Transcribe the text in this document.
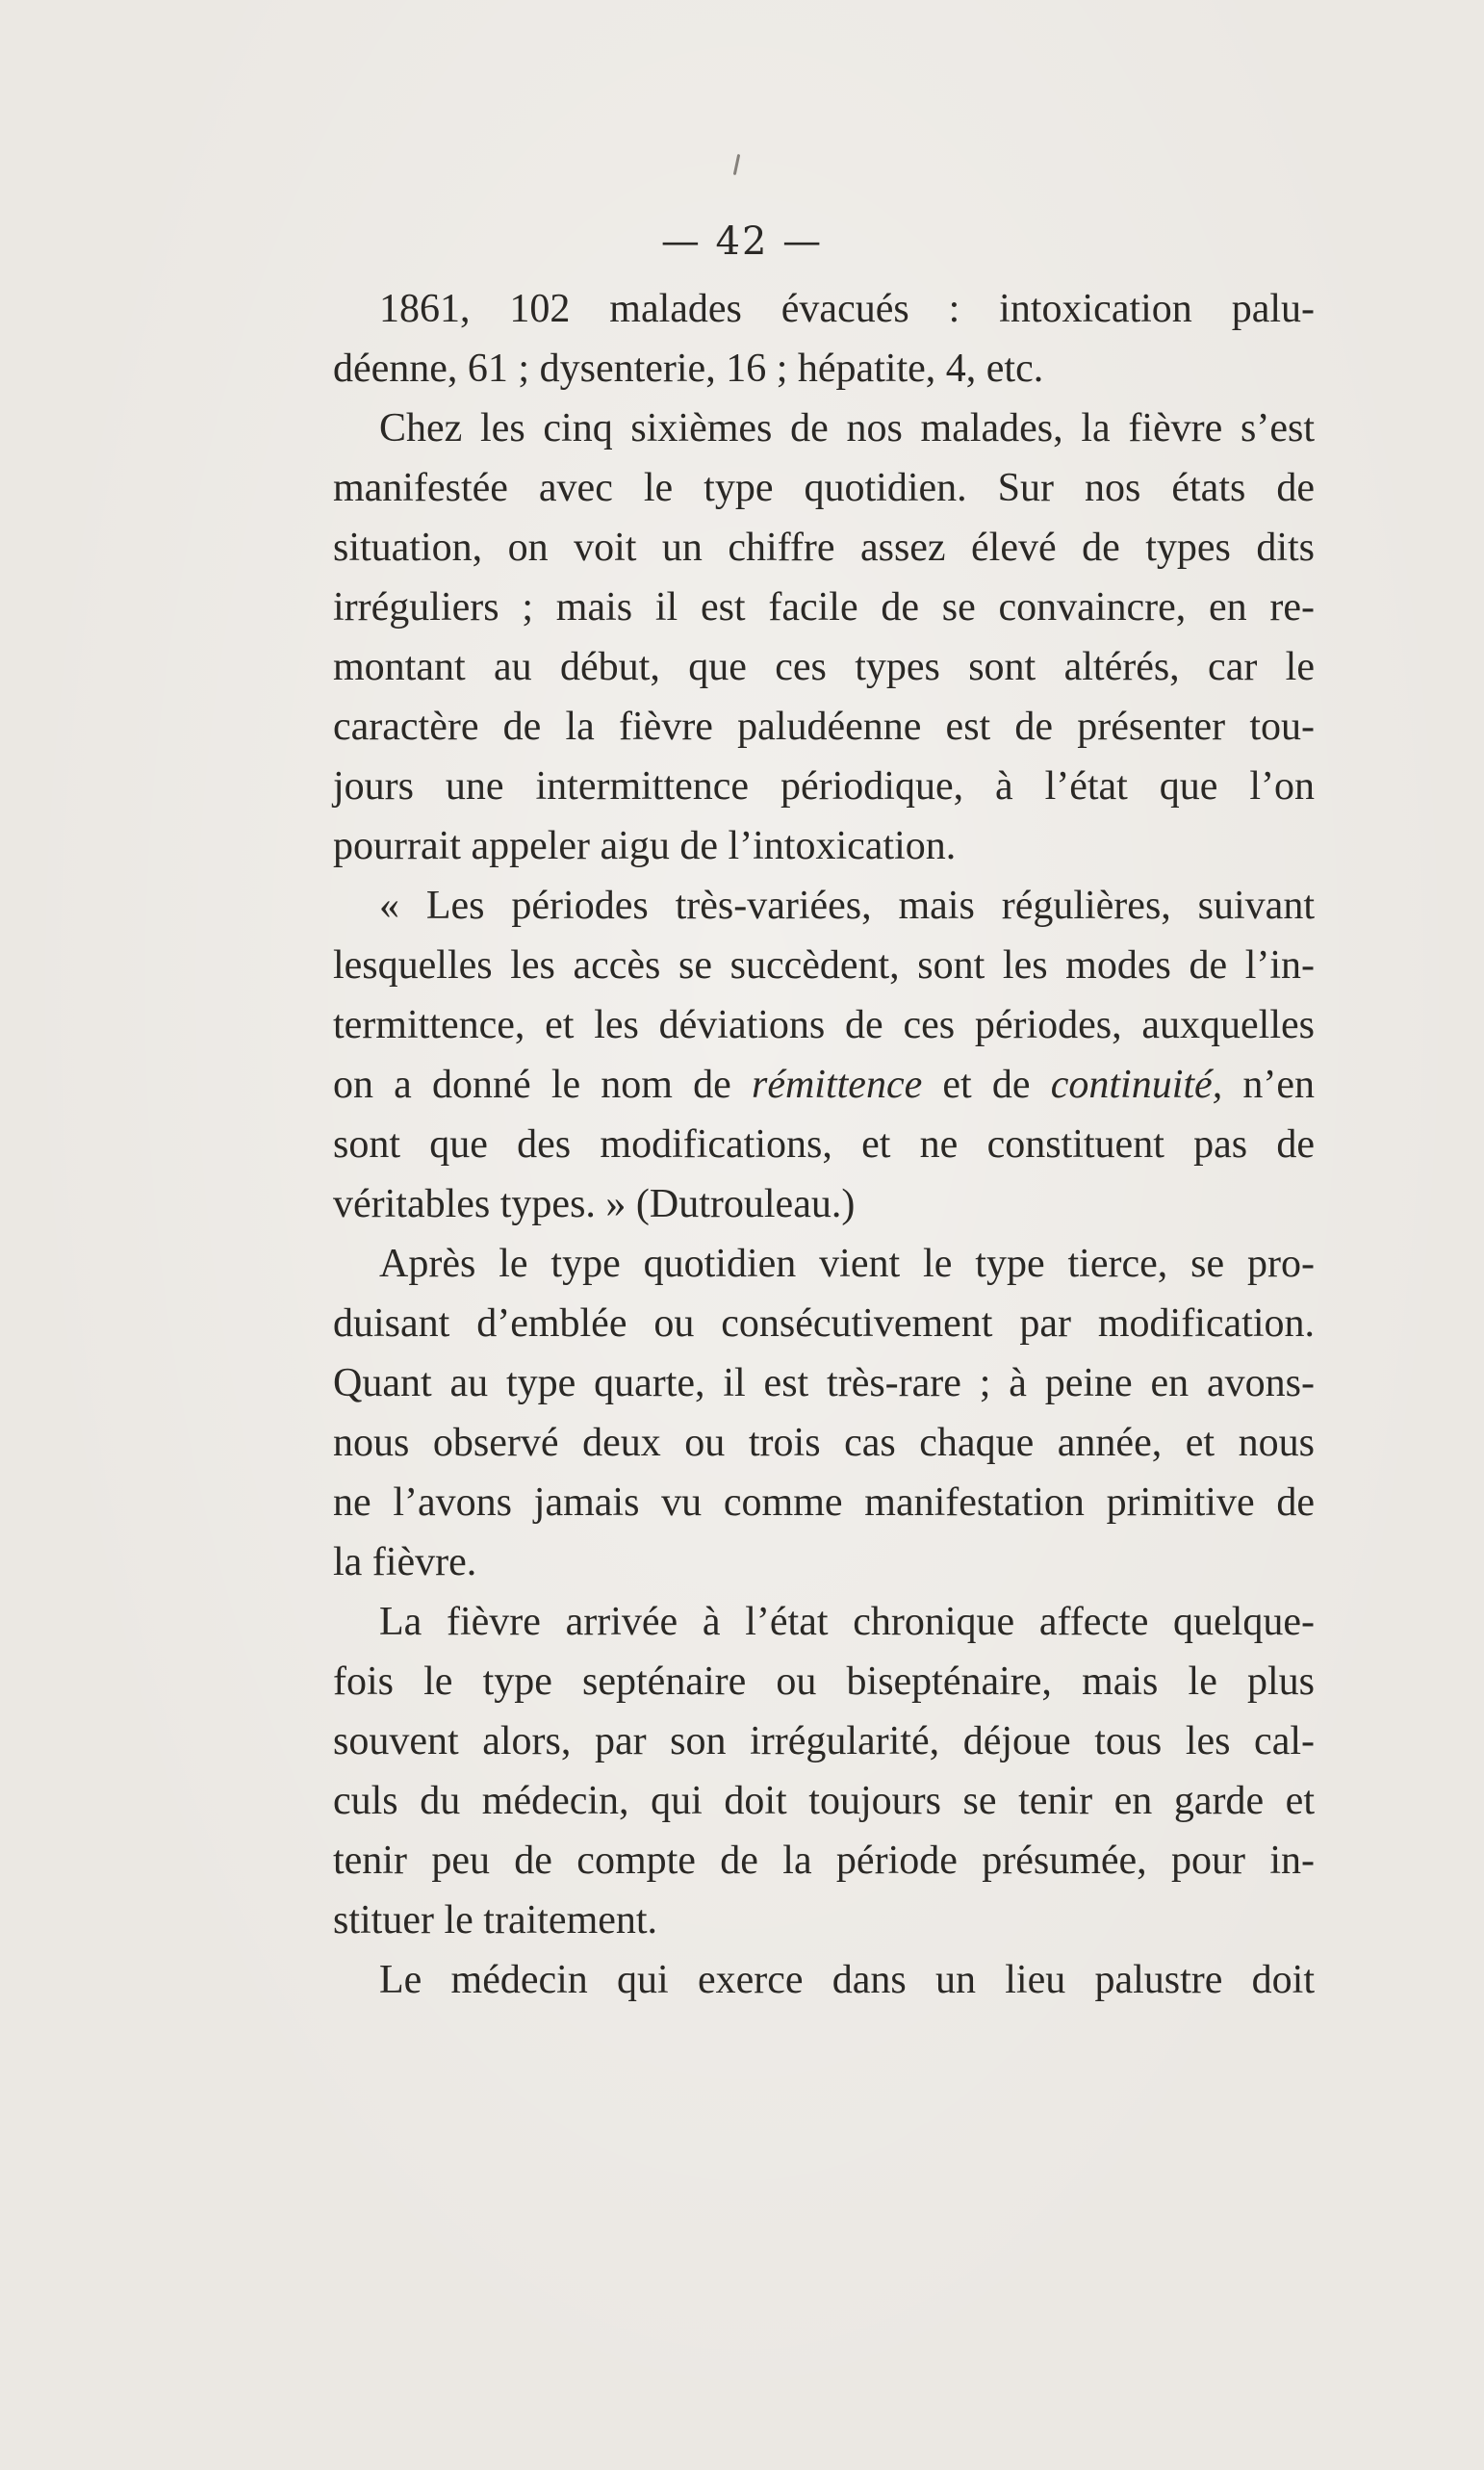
— 42 —
1861, 102 malades évacués : intoxication palu-
déenne, 61 ; dysenterie, 16 ; hépatite, 4, etc.
Chez les cinq sixièmes de nos malades, la fièvre s’est
manifestée avec le type quotidien. Sur nos états de
situation, on voit un chiffre assez élevé de types dits
irréguliers ; mais il est facile de se convaincre, en re-
montant au début, que ces types sont altérés, car le
caractère de la fièvre paludéenne est de présenter tou-
jours une intermittence périodique, à l’état que l’on
pourrait appeler aigu de l’intoxication.
« Les périodes très-variées, mais régulières, suivant
lesquelles les accès se succèdent, sont les modes de l’in-
termittence, et les déviations de ces périodes, auxquelles
on a donné le nom de rémittence et de continuité, n’en
sont que des modifications, et ne constituent pas de
véritables types. » (Dutrouleau.)
Après le type quotidien vient le type tierce, se pro-
duisant d’emblée ou consécutivement par modification.
Quant au type quarte, il est très-rare ; à peine en avons-
nous observé deux ou trois cas chaque année, et nous
ne l’avons jamais vu comme manifestation primitive de
la fièvre.
La fièvre arrivée à l’état chronique affecte quelque-
fois le type septénaire ou bisepténaire, mais le plus
souvent alors, par son irrégularité, déjoue tous les cal-
culs du médecin, qui doit toujours se tenir en garde et
tenir peu de compte de la période présumée, pour in-
stituer le traitement.
Le médecin qui exerce dans un lieu palustre doit
